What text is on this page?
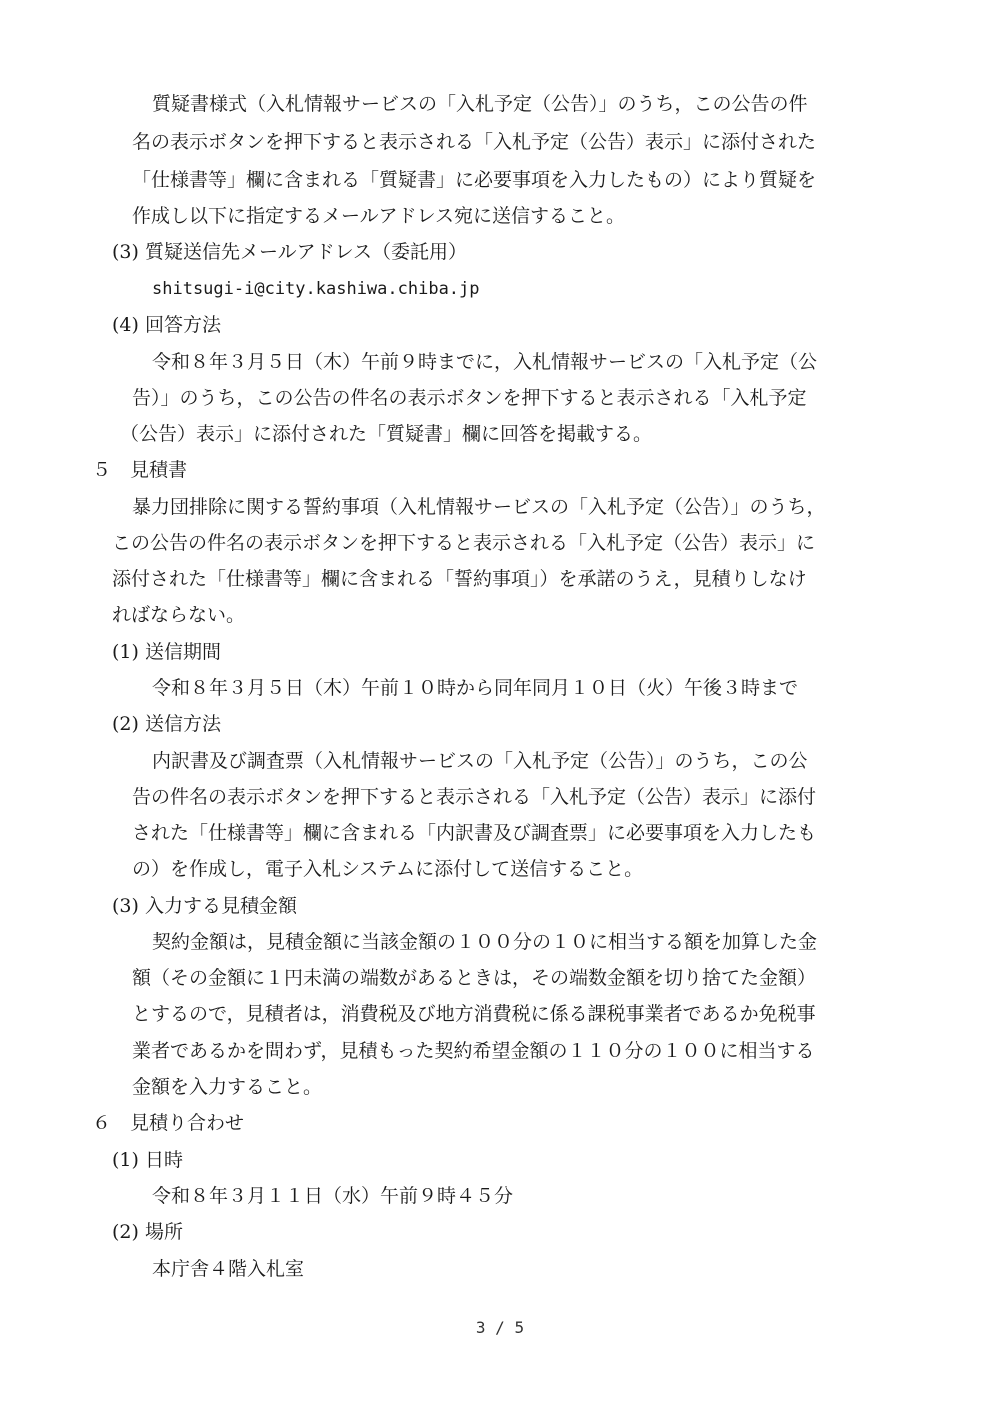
質疑書様式（入札情報サービスの「入札予定（公告）」のうち，この公告の件
名の表示ボタンを押下すると表示される「入札予定（公告）表示」に添付された
「仕様書等」欄に含まれる「質疑書」に必要事項を入力したもの）により質疑を
作成し以下に指定するメールアドレス宛に送信すること。
(3) 質疑送信先メールアドレス（委託用）
shitsugi-i@city.kashiwa.chiba.jp
(4) 回答方法
令和８年３月５日（木）午前９時までに，入札情報サービスの「入札予定（公
告）」のうち，この公告の件名の表示ボタンを押下すると表示される「入札予定
（公告）表示」に添付された「質疑書」欄に回答を掲載する。
５　見積書
暴力団排除に関する誓約事項（入札情報サービスの「入札予定（公告）」のうち，
この公告の件名の表示ボタンを押下すると表示される「入札予定（公告）表示」に
添付された「仕様書等」欄に含まれる「誓約事項」）を承諾のうえ，見積りしなけ
ればならない。
(1) 送信期間
令和８年３月５日（木）午前１０時から同年同月１０日（火）午後３時まで
(2) 送信方法
内訳書及び調査票（入札情報サービスの「入札予定（公告）」のうち，この公
告の件名の表示ボタンを押下すると表示される「入札予定（公告）表示」に添付
された「仕様書等」欄に含まれる「内訳書及び調査票」に必要事項を入力したも
の）を作成し，電子入札システムに添付して送信すること。
(3) 入力する見積金額
契約金額は，見積金額に当該金額の１００分の１０に相当する額を加算した金
額（その金額に１円未満の端数があるときは，その端数金額を切り捨てた金額）
とするので，見積者は，消費税及び地方消費税に係る課税事業者であるか免税事
業者であるかを問わず，見積もった契約希望金額の１１０分の１００に相当する
金額を入力すること。
６　見積り合わせ
(1) 日時
令和８年３月１１日（水）午前９時４５分
(2) 場所
本庁舎４階入札室
3 / 5
